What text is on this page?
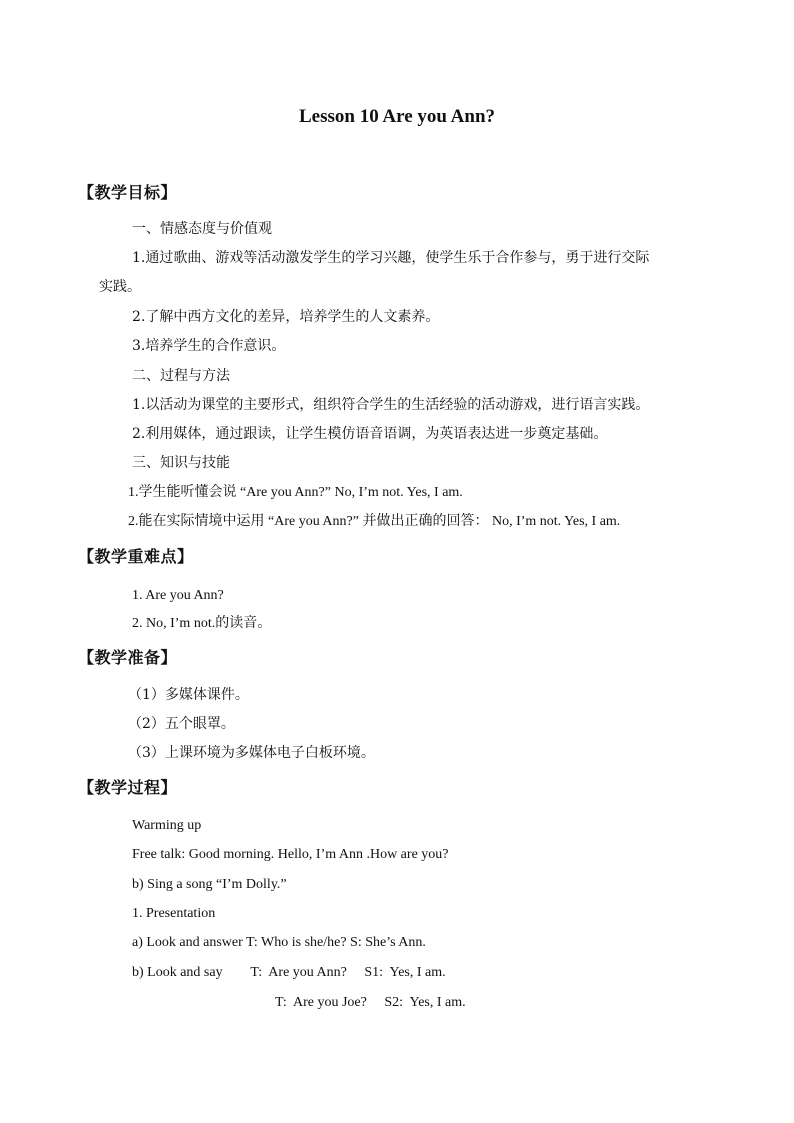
Lesson 10 Are you Ann?
【教学目标】
一、情感态度与价值观
1.通过歌曲、游戏等活动激发学生的学习兴趣，使学生乐于合作参与，勇于进行交际
实践。
2.了解中西方文化的差异，培养学生的人文素养。
3.培养学生的合作意识。
二、过程与方法
1.以活动为课堂的主要形式，组织符合学生的生活经验的活动游戏，进行语言实践。
2.利用媒体，通过跟读，让学生模仿语音语调，为英语表达进一步奠定基础。
三、知识与技能
1.学生能听懂会说 “Are you Ann?” No, I’m not. Yes, I am.
2.能在实际情境中运用 “Are you Ann?” 并做出正确的回答： No, I’m not. Yes, I am.
【教学重难点】
1. Are you Ann?
2. No, I’m not.的读音。
【教学准备】
（1）多媒体课件。
（2）五个眼罩。
（3）上课环境为多媒体电子白板环境。
【教学过程】
Warming up
Free talk: Good morning. Hello, I’m Ann .How are you?
b) Sing a song “I’m Dolly.”
1. Presentation
a) Look and answer T: Who is she/he? S: She’s Ann.
b) Look and say        T:  Are you Ann?     S1:  Yes, I am.
T:  Are you Joe?     S2:  Yes, I am.
